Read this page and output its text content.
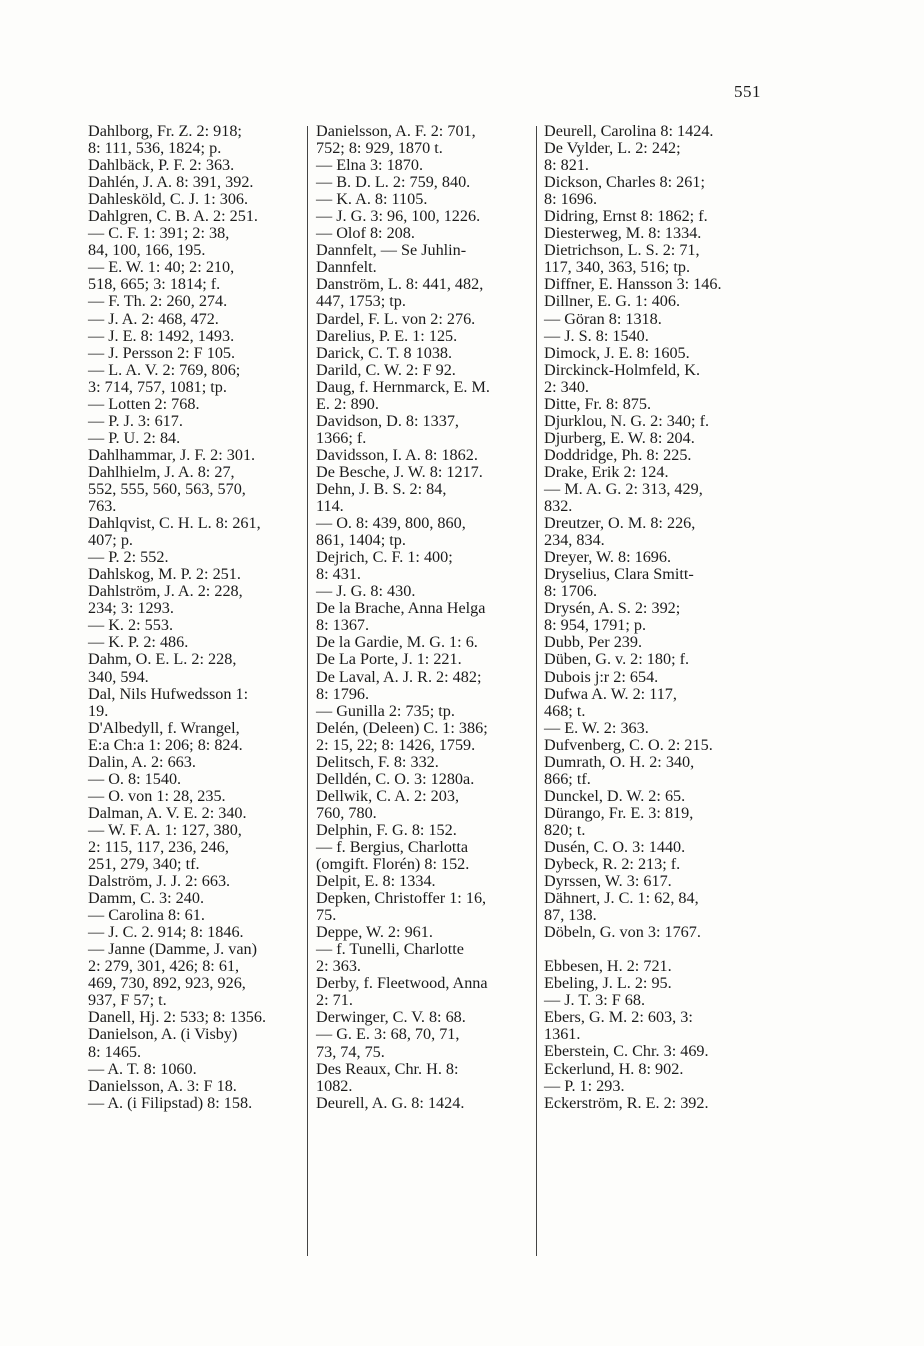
551
Dahlborg, Fr. Z. 2: 918;
8: 111, 536, 1824; p.
Dahlbäck, P. F. 2: 363.
Dahlén, J. A. 8: 391, 392.
Dahlesköld, C. J. 1: 306.
Dahlgren, C. B. A. 2: 251.
— C. F. 1: 391; 2: 38,
84, 100, 166, 195.
— E. W. 1: 40; 2: 210,
518, 665; 3: 1814; f.
— F. Th. 2: 260, 274.
— J. A. 2: 468, 472.
— J. E. 8: 1492, 1493.
— J. Persson 2: F 105.
— L. A. V. 2: 769, 806;
3: 714, 757, 1081; tp.
— Lotten 2: 768.
— P. J. 3: 617.
— P. U. 2: 84.
Dahlhammar, J. F. 2: 301.
Dahlhielm, J. A. 8: 27,
552, 555, 560, 563, 570,
763.
Dahlqvist, C. H. L. 8: 261,
407; p.
— P. 2: 552.
Dahlskog, M. P. 2: 251.
Dahlström, J. A. 2: 228,
234; 3: 1293.
— K. 2: 553.
— K. P. 2: 486.
Dahm, O. E. L. 2: 228,
340, 594.
Dal, Nils Hufwedsson 1:
19.
D'Albedyll, f. Wrangel,
E:a Ch:a 1: 206; 8: 824.
Dalin, A. 2: 663.
— O. 8: 1540.
— O. von 1: 28, 235.
Dalman, A. V. E. 2: 340.
— W. F. A. 1: 127, 380,
2: 115, 117, 236, 246,
251, 279, 340; tf.
Dalström, J. J. 2: 663.
Damm, C. 3: 240.
— Carolina 8: 61.
— J. C. 2. 914; 8: 1846.
— Janne (Damme, J. van)
2: 279, 301, 426; 8: 61,
469, 730, 892, 923, 926,
937, F 57; t.
Danell, Hj. 2: 533; 8: 1356.
Danielson, A. (i Visby)
8: 1465.
— A. T. 8: 1060.
Danielsson, A. 3: F 18.
— A. (i Filipstad) 8: 158.
Danielsson, A. F. 2: 701,
752; 8: 929, 1870 t.
— Elna 3: 1870.
— B. D. L. 2: 759, 840.
— K. A. 8: 1105.
— J. G. 3: 96, 100, 1226.
— Olof 8: 208.
Dannfelt, — Se Juhlin-
Dannfelt.
Danström, L. 8: 441, 482,
447, 1753; tp.
Dardel, F. L. von 2: 276.
Darelius, P. E. 1: 125.
Darick, C. T. 8 1038.
Darild, C. W. 2: F 92.
Daug, f. Hernmarck, E. M.
E. 2: 890.
Davidson, D. 8: 1337,
1366; f.
Davidsson, I. A. 8: 1862.
De Besche, J. W. 8: 1217.
Dehn, J. B. S. 2: 84,
114.
— O. 8: 439, 800, 860,
861, 1404; tp.
Dejrich, C. F. 1: 400;
8: 431.
— J. G. 8: 430.
De la Brache, Anna Helga
8: 1367.
De la Gardie, M. G. 1: 6.
De La Porte, J. 1: 221.
De Laval, A. J. R. 2: 482;
8: 1796.
— Gunilla 2: 735; tp.
Delén, (Deleen) C. 1: 386;
2: 15, 22; 8: 1426, 1759.
Delitsch, F. 8: 332.
Delldén, C. O. 3: 1280a.
Dellwik, C. A. 2: 203,
760, 780.
Delphin, F. G. 8: 152.
— f. Bergius, Charlotta
(omgift. Florén) 8: 152.
Delpit, E. 8: 1334.
Depken, Christoffer 1: 16,
75.
Deppe, W. 2: 961.
— f. Tunelli, Charlotte
2: 363.
Derby, f. Fleetwood, Anna
2: 71.
Derwinger, C. V. 8: 68.
— G. E. 3: 68, 70, 71,
73, 74, 75.
Des Reaux, Chr. H. 8:
1082.
Deurell, A. G. 8: 1424.
Deurell, Carolina 8: 1424.
De Vylder, L. 2: 242;
8: 821.
Dickson, Charles 8: 261;
8: 1696.
Didring, Ernst 8: 1862; f.
Diesterweg, M. 8: 1334.
Dietrichson, L. S. 2: 71,
117, 340, 363, 516; tp.
Diffner, E. Hansson 3: 146.
Dillner, E. G. 1: 406.
— Göran 8: 1318.
— J. S. 8: 1540.
Dimock, J. E. 8: 1605.
Dirckinck-Holmfeld, K.
2: 340.
Ditte, Fr. 8: 875.
Djurklou, N. G. 2: 340; f.
Djurberg, E. W. 8: 204.
Doddridge, Ph. 8: 225.
Drake, Erik 2: 124.
— M. A. G. 2: 313, 429,
832.
Dreutzer, O. M. 8: 226,
234, 834.
Dreyer, W. 8: 1696.
Dryselius, Clara Smitt-
8: 1706.
Drysén, A. S. 2: 392;
8: 954, 1791; p.
Dubb, Per 239.
Düben, G. v. 2: 180; f.
Dubois j:r 2: 654.
Dufwa A. W. 2: 117,
468; t.
— E. W. 2: 363.
Dufvenberg, C. O. 2: 215.
Dumrath, O. H. 2: 340,
866; tf.
Dunckel, D. W. 2: 65.
Dürango, Fr. E. 3: 819,
820; t.
Dusén, C. O. 3: 1440.
Dybeck, R. 2: 213; f.
Dyrssen, W. 3: 617.
Dähnert, J. C. 1: 62, 84,
87, 138.
Döbeln, G. von 3: 1767.
Ebbesen, H. 2: 721.
Ebeling, J. L. 2: 95.
— J. T. 3: F 68.
Ebers, G. M. 2: 603, 3:
1361.
Eberstein, C. Chr. 3: 469.
Eckerlund, H. 8: 902.
— P. 1: 293.
Eckerström, R. E. 2: 392.
